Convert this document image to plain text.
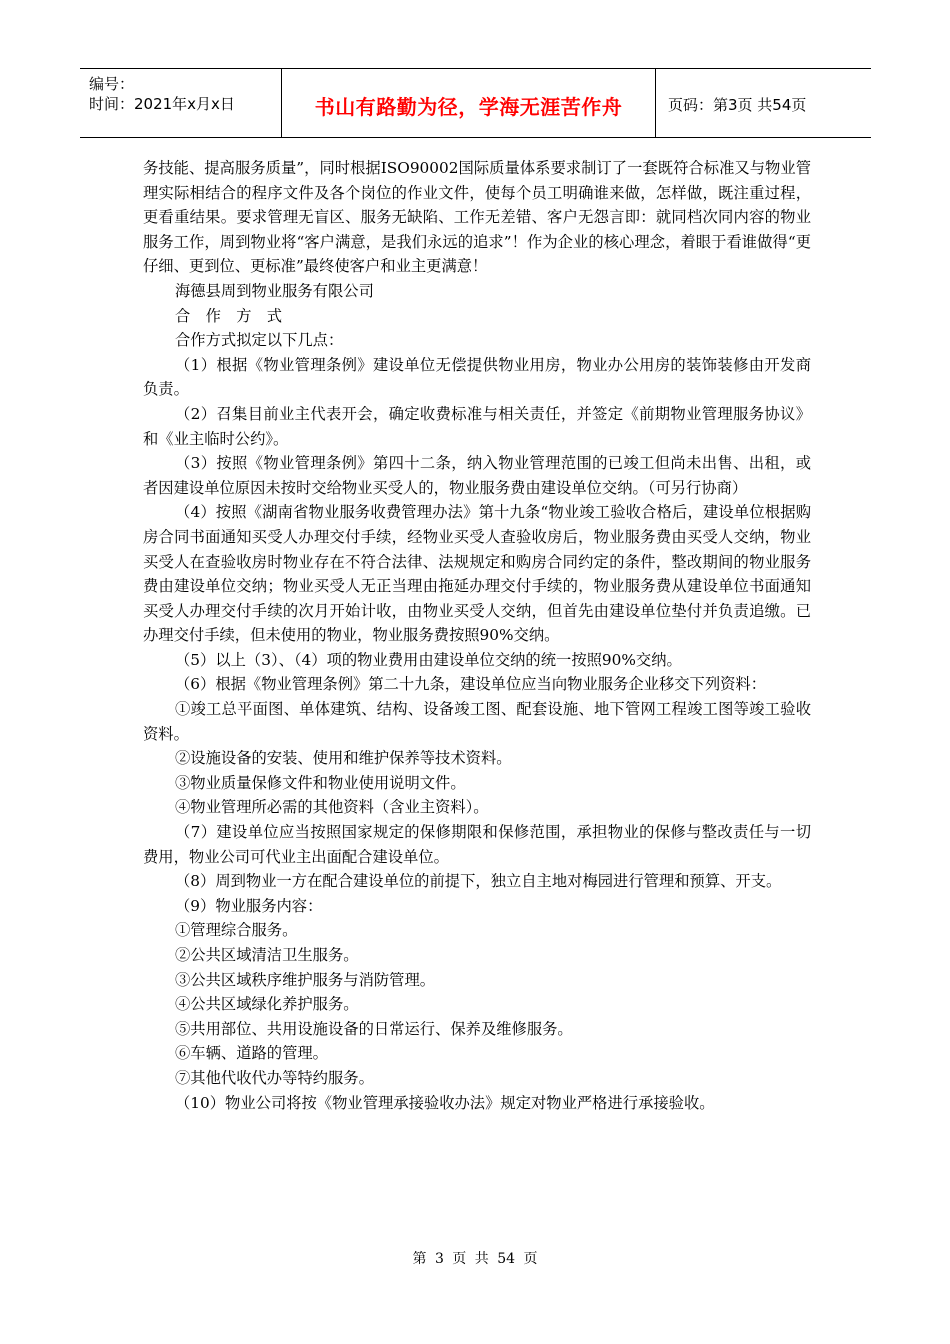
编号：
时间：2021年x月x日	书山有路勤为径，学海无涯苦作舟	页码：第3页 共54页

务技能、提高服务质量”，同时根据ISO90002国际质量体系要求制订了一套既符合标准又与物业管理实际相结合的程序文件及各个岗位的作业文件，使每个员工明确谁来做，怎样做，既注重过程，更看重结果。要求管理无盲区、服务无缺陷、工作无差错、客户无怨言即：就同档次同内容的物业服务工作，周到物业将“客户满意，是我们永远的追求”！作为企业的核心理念，着眼于看谁做得“更仔细、更到位、更标准”最终使客户和业主更满意！

海德县周到物业服务有限公司

合　作　方　式

合作方式拟定以下几点：

（1）根据《物业管理条例》建设单位无偿提供物业用房，物业办公用房的装饰装修由开发商负责。

（2）召集目前业主代表开会，确定收费标准与相关责任，并签定《前期物业管理服务协议》和《业主临时公约》。

（3）按照《物业管理条例》第四十二条，纳入物业管理范围的已竣工但尚未出售、出租，或者因建设单位原因未按时交给物业买受人的，物业服务费由建设单位交纳。（可另行协商）

（4）按照《湖南省物业服务收费管理办法》第十九条“物业竣工验收合格后，建设单位根据购房合同书面通知买受人办理交付手续，经物业买受人查验收房后，物业服务费由买受人交纳，物业买受人在查验收房时物业存在不符合法律、法规规定和购房合同约定的条件，整改期间的物业服务费由建设单位交纳；物业买受人无正当理由拖延办理交付手续的，物业服务费从建设单位书面通知买受人办理交付手续的次月开始计收，由物业买受人交纳，但首先由建设单位垫付并负责追缴。已办理交付手续，但未使用的物业，物业服务费按照90%交纳。

（5）以上（3）、（4）项的物业费用由建设单位交纳的统一按照90%交纳。

（6）根据《物业管理条例》第二十九条，建设单位应当向物业服务企业移交下列资料：

①竣工总平面图、单体建筑、结构、设备竣工图、配套设施、地下管网工程竣工图等竣工验收资料。

②设施设备的安装、使用和维护保养等技术资料。

③物业质量保修文件和物业使用说明文件。

④物业管理所必需的其他资料（含业主资料）。

（7）建设单位应当按照国家规定的保修期限和保修范围，承担物业的保修与整改责任与一切费用，物业公司可代业主出面配合建设单位。

（8）周到物业一方在配合建设单位的前提下，独立自主地对梅园进行管理和预算、开支。

（9）物业服务内容：

①管理综合服务。

②公共区域清洁卫生服务。

③公共区域秩序维护服务与消防管理。

④公共区域绿化养护服务。

⑤共用部位、共用设施设备的日常运行、保养及维修服务。

⑥车辆、道路的管理。

⑦其他代收代办等特约服务。

（10）物业公司将按《物业管理承接验收办法》规定对物业严格进行承接验收。

第 3 页 共 54 页
